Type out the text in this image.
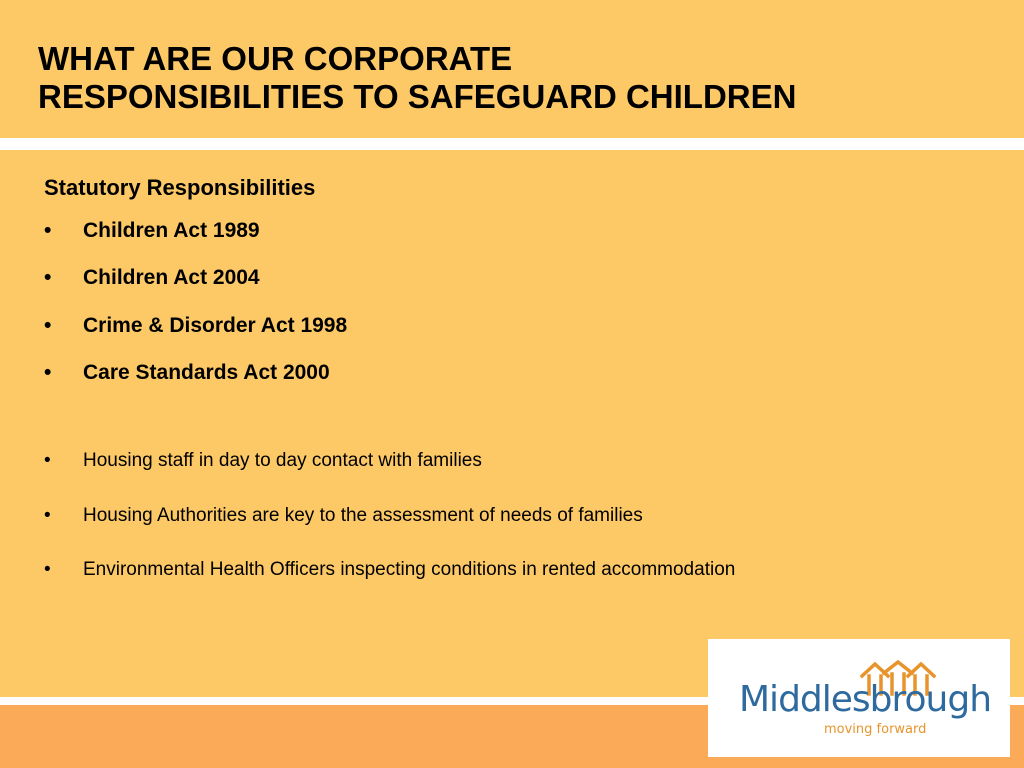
WHAT ARE OUR CORPORATE
RESPONSIBILITIES TO SAFEGUARD CHILDREN
Statutory Responsibilities
•	Children Act 1989
•	Children Act 2004
•	Crime & Disorder Act 1998
•	Care Standards Act 2000
•	Housing staff in day to day contact with families
•	Housing Authorities are key to the assessment of needs of families
•	Environmental Health Officers inspecting conditions in rented accommodation
Middlesbrough
moving forward
